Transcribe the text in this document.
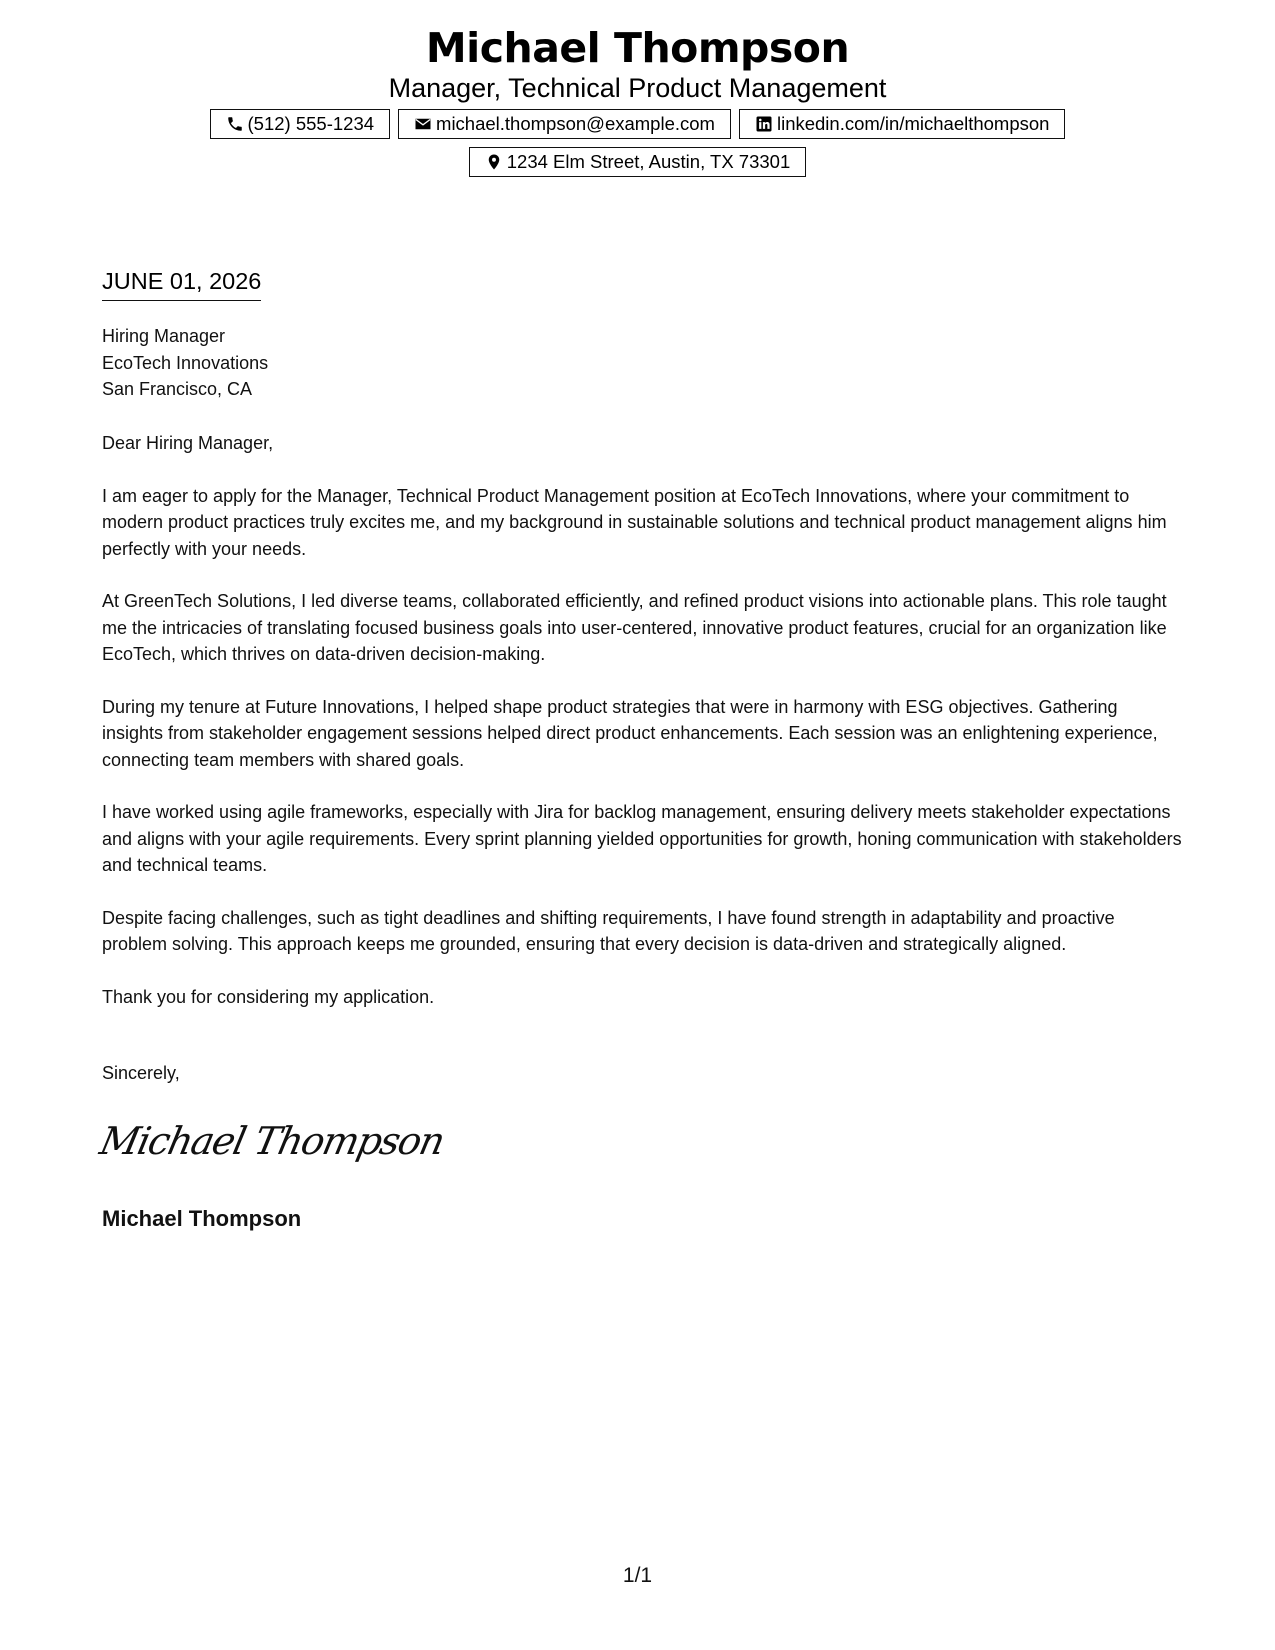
Michael Thompson
Manager, Technical Product Management
(512) 555-1234	michael.thompson@example.com	linkedin.com/in/michaelthompson
1234 Elm Street, Austin, TX 73301
JUNE 01, 2026
Hiring Manager
EcoTech Innovations
San Francisco, CA

Dear Hiring Manager,

I am eager to apply for the Manager, Technical Product Management position at EcoTech Innovations, where your commitment to modern product practices truly excites me, and my background in sustainable solutions and technical product management aligns him perfectly with your needs.

At GreenTech Solutions, I led diverse teams, collaborated efficiently, and refined product visions into actionable plans. This role taught me the intricacies of translating focused business goals into user-centered, innovative product features, crucial for an organization like EcoTech, which thrives on data-driven decision-making.

During my tenure at Future Innovations, I helped shape product strategies that were in harmony with ESG objectives. Gathering insights from stakeholder engagement sessions helped direct product enhancements. Each session was an enlightening experience, connecting team members with shared goals.

I have worked using agile frameworks, especially with Jira for backlog management, ensuring delivery meets stakeholder expectations and aligns with your agile requirements. Every sprint planning yielded opportunities for growth, honing communication with stakeholders and technical teams.

Despite facing challenges, such as tight deadlines and shifting requirements, I have found strength in adaptability and proactive problem solving. This approach keeps me grounded, ensuring that every decision is data-driven and strategically aligned.

Thank you for considering my application.

Sincerely,
Michael Thompson
Michael Thompson
1/1
